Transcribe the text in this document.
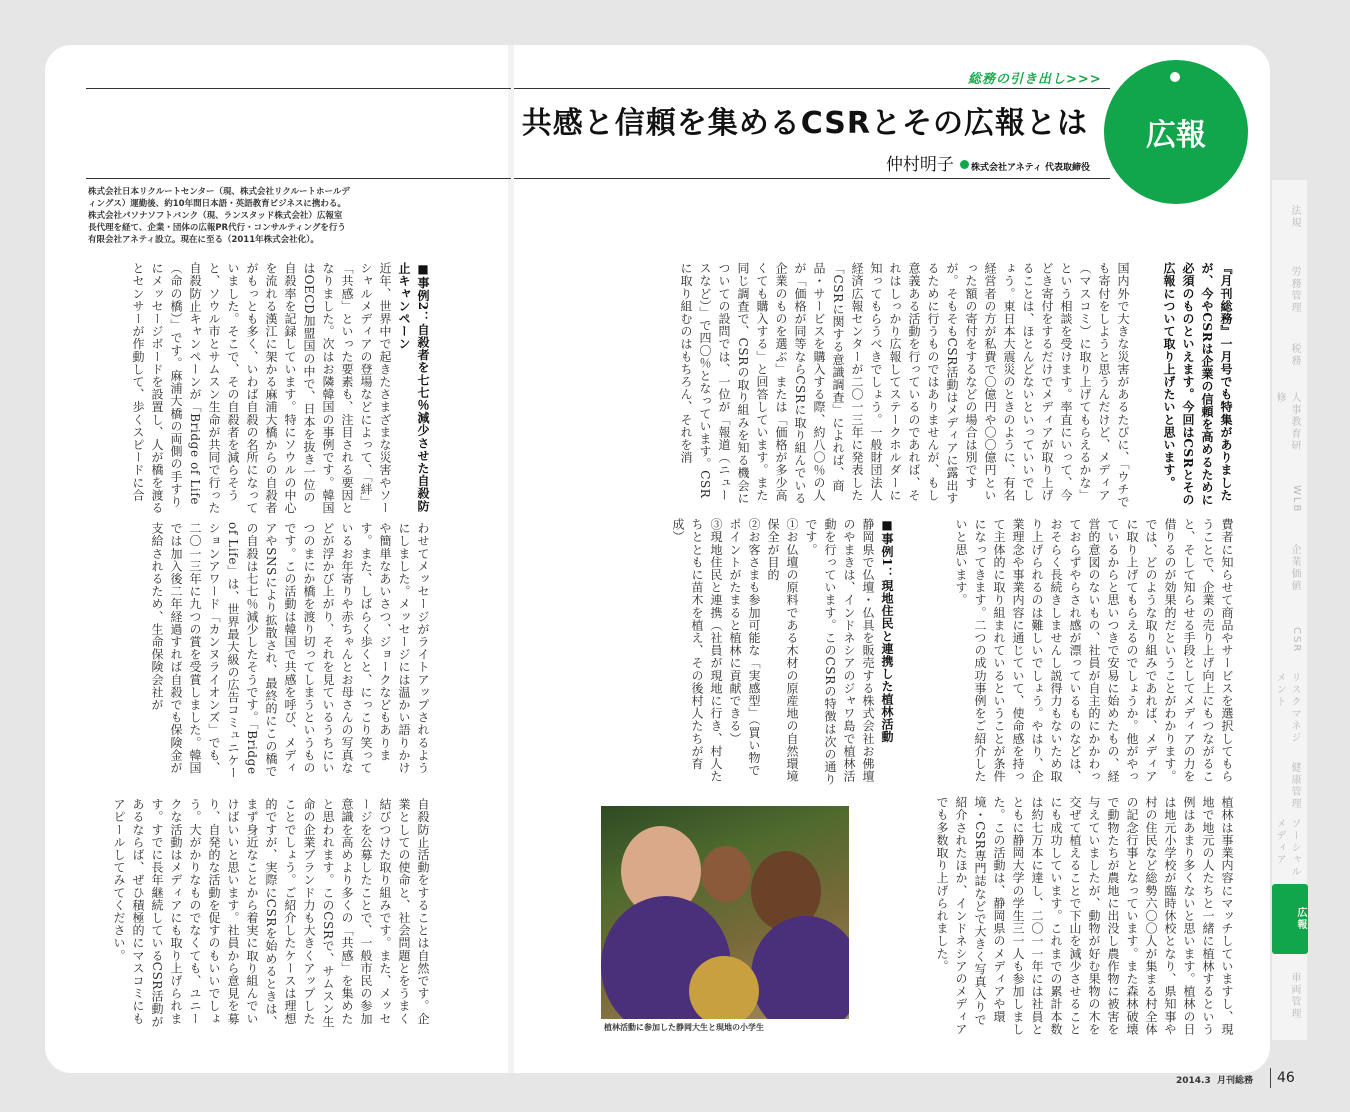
総務の引き出し>>>
共感と信頼を集めるCSRとその広報とは 広報
仲村明子 株式会社アネティ 代表取締役
株式会社日本リクルートセンター（現、株式会社リクルートホールディングス）運勤後、約10年間日本語・英語教育ビジネスに携わる。株式会社パソナソフトバンク（現、ランスタッド株式会社）広報室長代理を経て、企業・団体の広報PR代行・コンサルティングを行う有限会社アネティ設立。現在に至る（2011年株式会社化）。
『月刊総務』一月号でも特集がありましたが、今やCSRは企業の信頼を高めるために必須のものといえます。今回はCSRとその広報について取り上げたいと思います。
国内外で大きな災害があるたびに、「ウチでも寄付をしようと思うんだけど、メディア（マスコミ）に取り上げてもらえるかな」という相談を受けます。率直にいって、今どき寄付をするだけでメディアが取り上げることは、ほとんどないといっていいでしょう。東日本大震災のときのように、有名経営者の方が私費で〇億円や〇〇億円といった額の寄付をするなどの場合は別ですが。そもそもCSR活動はメディアに露出するために行うものではありませんが、もし意義ある活動を行っているのであれば、それはしっかり広報してステークホルダーに知ってもらうべきでしょう。一般財団法人経済広報センターが二〇一三年に発表した「CSRに関する意識調査」によれば、商品・サービスを購入する際、約八〇％の人が「価格が同等ならCSRに取り組んでいる企業のものを選ぶ」または「価格が多少高くても購入する」と回答しています。また同じ調査で、CSRの取り組みを知る機会についての設問では、一位が「報道（ニュースなど）」で四〇％となっています。CSRに取り組むのはもちろん、それを消
費者に知らせて商品やサービスを選択してもらうことで、企業の売り上げ向上にもつながること、そして知らせる手段としてメディアの力を借りるのが効果的だということがわかります。では、どのような取り組みであれば、メディアに取り上げてもらえるのでしょうか。他がやっているからと思いつきで安易に始めたもの、経営的意図のないもの、社員が自主的にかかわっておらずやらされ感が漂っているものなどは、おそらく長続きしませんし説得力もないため取り上げられるのは難しいでしょう。やはり、企業理念や事業内容に通じていて、使命感を持って主体的に取り組まれているということが条件になってきます。二つの成功事例をご紹介したいと思います。
■事例1：現地住民と連携した植林活動
静岡県で仏壇・仏具を販売する株式会社お佛壇のやまきは、インドネシアのジャワ島で植林活動を行っています。このCSRの特徴は次の通りです。
①お仏壇の原料である木材の原産地の自然環境保全が目的
②お客さまも参加可能な「実感型」（買い物でポイントがたまると植林に貢献できる）
③現地住民と連携（社員が現地に行き、村人たちとともに苗木を植え、その後村人たちが育成）
植林は事業内容にマッチしていますし、現地で地元の人たちと一緒に植林するという例はあまり多くないと思います。植林の日は地元小学校が臨時休校となり、県知事や村の住民など総勢六〇〇人が集まる村全体の記念行事となっています。また森林破壊で動物たちが農地に出没し農作物に被害を与えていましたが、動物が好む果物の木を交ぜて植えることで下山を減少させることにも成功しています。これまでの累計本数は約七万本に達し、二〇一一年には社員とともに静岡大学の学生三一人も参加しました。この活動は、静岡県のメディアや環境・CSR専門誌などで大きく写真入りで紹介されたほか、インドネシアのメディアでも多数取り上げられました。
植林活動に参加した静岡大生と現地の小学生
■事例2：自殺者を七七％減少させた自殺防止キャンペーン
近年、世界中で起きたさまざまな災害やソーシャルメディアの登場などによって、「絆」「共感」といった要素も、注目される要因となりました。次はお隣韓国の事例です。韓国はOECD加盟国の中で、日本を抜き一位の自殺率を記録しています。特にソウルの中心を流れる漢江に架かる麻浦大橋からの自殺者がもっとも多く、いわば自殺の名所になっていました。そこで、その自殺者を減らそうと、ソウル市とサムスン生命が共同で行った自殺防止キャンペーンが「Bridge of Life（命の橋）」です。麻浦大橋の両側の手すりにメッセージボードを設置し、人が橋を渡るとセンサーが作動して、歩くスピードに合
わせてメッセージがライトアップされるようにしました。メッセージには温かい語りかけや簡単なあいさつ、ジョークなどもあります。また、しばらく歩くと、にっこり笑っているお年寄りや赤ちゃんとお母さんの写真などが浮かび上がり、それを見ているうちにいつのまにか橋を渡り切ってしまうというものです。この活動は韓国で共感を呼び、メディアやSNSにより拡散され、最終的にこの橋での自殺は七七％減少したそうです。「Bridge of Life」は、世界最大級の広告コミュニケーションアワード「カンヌライオンズ」でも、二〇一三年に九つの賞を受賞しました。韓国では加入後二年経過すれば自殺でも保険金が支給されるため、生命保険会社が
自殺防止活動をすることは自然です。企業としての使命と、社会問題とをうまく結びつけた取り組みです。また、メッセージを公募したことで、一般市民の参加意識を高めより多くの「共感」を集めたと思われます。このCSRで、サムスン生命の企業ブランド力も大きくアップしたことでしょう。ご紹介したケースは理想的ですが、実際にCSRを始めるときは、まず身近なことから着実に取り組んでいけばいいと思います。社員から意見を募り、自発的な活動を促すのもいいでしょう。大がかりなものでなくても、ユニークな活動はメディアにも取り上げられます。すでに長年継続しているCSR活動があるならば、ぜひ積極的にマスコミにもアピールしてみてください。
法規
労務管理
税務
人事教育研修
WLB
企業価値
CSR
リスクマネジメント
健康管理
ソーシャルメディア
広報
車両管理
2014.3 月刊総務	46
